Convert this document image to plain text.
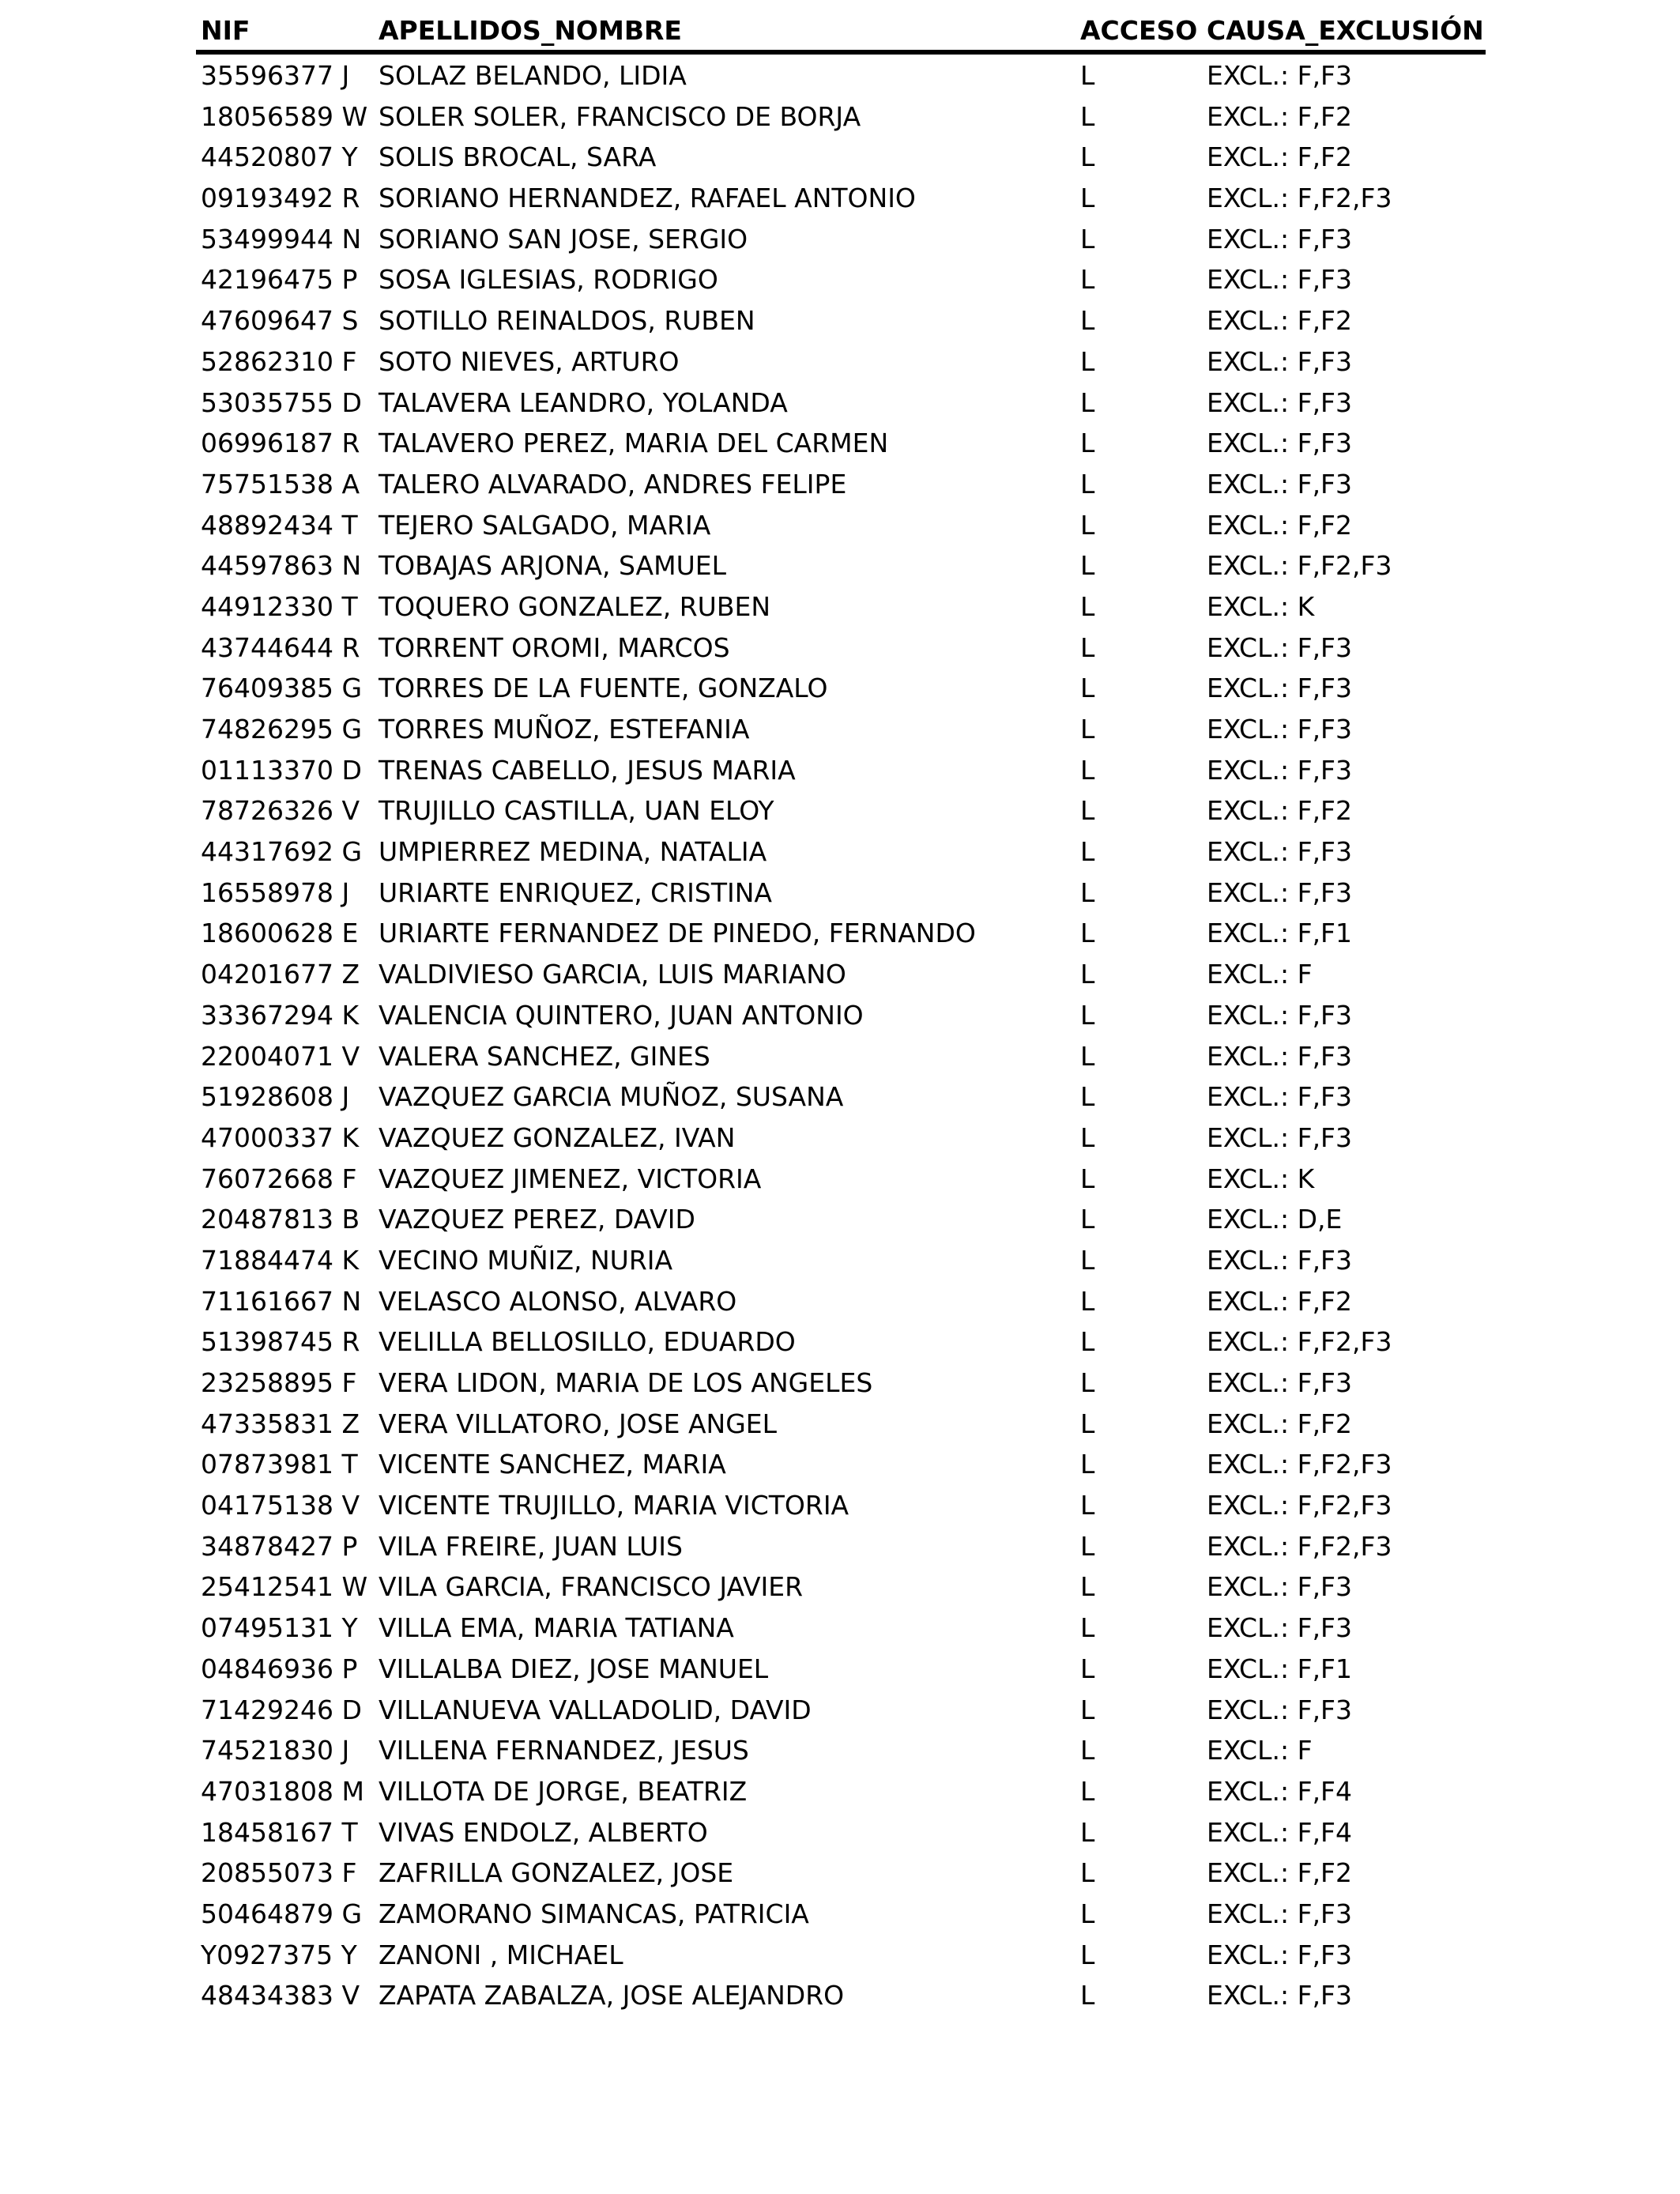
NIF	APELLIDOS_NOMBRE	ACCESO CAUSA_EXCLUSIÓN
35596377 J SOLAZ BELANDO, LIDIA	L	EXCL.: F,F3
18056589 W SOLER SOLER, FRANCISCO DE BORJA	L	EXCL.: F,F2
44520807 Y SOLIS BROCAL, SARA	L	EXCL.: F,F2
09193492 R SORIANO HERNANDEZ, RAFAEL ANTONIO	L	EXCL.: F,F2,F3
53499944 N SORIANO SAN JOSE, SERGIO	L	EXCL.: F,F3
42196475 P SOSA IGLESIAS, RODRIGO	L	EXCL.: F,F3
47609647 S SOTILLO REINALDOS, RUBEN	L	EXCL.: F,F2
52862310 F SOTO NIEVES, ARTURO	L	EXCL.: F,F3
53035755 D TALAVERA LEANDRO, YOLANDA	L	EXCL.: F,F3
06996187 R TALAVERO PEREZ, MARIA DEL CARMEN	L	EXCL.: F,F3
75751538 A TALERO ALVARADO, ANDRES FELIPE	L	EXCL.: F,F3
48892434 T TEJERO SALGADO, MARIA	L	EXCL.: F,F2
44597863 N TOBAJAS ARJONA, SAMUEL	L	EXCL.: F,F2,F3
44912330 T TOQUERO GONZALEZ, RUBEN	L	EXCL.: K
43744644 R TORRENT OROMI, MARCOS	L	EXCL.: F,F3
76409385 G TORRES DE LA FUENTE, GONZALO	L	EXCL.: F,F3
74826295 G TORRES MUÑOZ, ESTEFANIA	L	EXCL.: F,F3
01113370 D TRENAS CABELLO, JESUS MARIA	L	EXCL.: F,F3
78726326 V TRUJILLO CASTILLA, UAN ELOY	L	EXCL.: F,F2
44317692 G UMPIERREZ MEDINA, NATALIA	L	EXCL.: F,F3
16558978 J URIARTE ENRIQUEZ, CRISTINA	L	EXCL.: F,F3
18600628 E URIARTE FERNANDEZ DE PINEDO, FERNANDO	L	EXCL.: F,F1
04201677 Z VALDIVIESO GARCIA, LUIS MARIANO	L	EXCL.: F
33367294 K VALENCIA QUINTERO, JUAN ANTONIO	L	EXCL.: F,F3
22004071 V VALERA SANCHEZ, GINES	L	EXCL.: F,F3
51928608 J VAZQUEZ GARCIA MUÑOZ, SUSANA	L	EXCL.: F,F3
47000337 K VAZQUEZ GONZALEZ, IVAN	L	EXCL.: F,F3
76072668 F VAZQUEZ JIMENEZ, VICTORIA	L	EXCL.: K
20487813 B VAZQUEZ PEREZ, DAVID	L	EXCL.: D,E
71884474 K VECINO MUÑIZ, NURIA	L	EXCL.: F,F3
71161667 N VELASCO ALONSO, ALVARO	L	EXCL.: F,F2
51398745 R VELILLA BELLOSILLO, EDUARDO	L	EXCL.: F,F2,F3
23258895 F VERA LIDON, MARIA DE LOS ANGELES	L	EXCL.: F,F3
47335831 Z VERA VILLATORO, JOSE ANGEL	L	EXCL.: F,F2
07873981 T VICENTE SANCHEZ, MARIA	L	EXCL.: F,F2,F3
04175138 V VICENTE TRUJILLO, MARIA VICTORIA	L	EXCL.: F,F2,F3
34878427 P VILA FREIRE, JUAN LUIS	L	EXCL.: F,F2,F3
25412541 W VILA GARCIA, FRANCISCO JAVIER	L	EXCL.: F,F3
07495131 Y VILLA EMA, MARIA TATIANA	L	EXCL.: F,F3
04846936 P VILLALBA DIEZ, JOSE MANUEL	L	EXCL.: F,F1
71429246 D VILLANUEVA VALLADOLID, DAVID	L	EXCL.: F,F3
74521830 J VILLENA FERNANDEZ, JESUS	L	EXCL.: F
47031808 M VILLOTA DE JORGE, BEATRIZ	L	EXCL.: F,F4
18458167 T VIVAS ENDOLZ, ALBERTO	L	EXCL.: F,F4
20855073 F ZAFRILLA GONZALEZ, JOSE	L	EXCL.: F,F2
50464879 G ZAMORANO SIMANCAS, PATRICIA	L	EXCL.: F,F3
Y0927375 Y ZANONI , MICHAEL	L	EXCL.: F,F3
48434383 V ZAPATA ZABALZA, JOSE ALEJANDRO	L	EXCL.: F,F3
